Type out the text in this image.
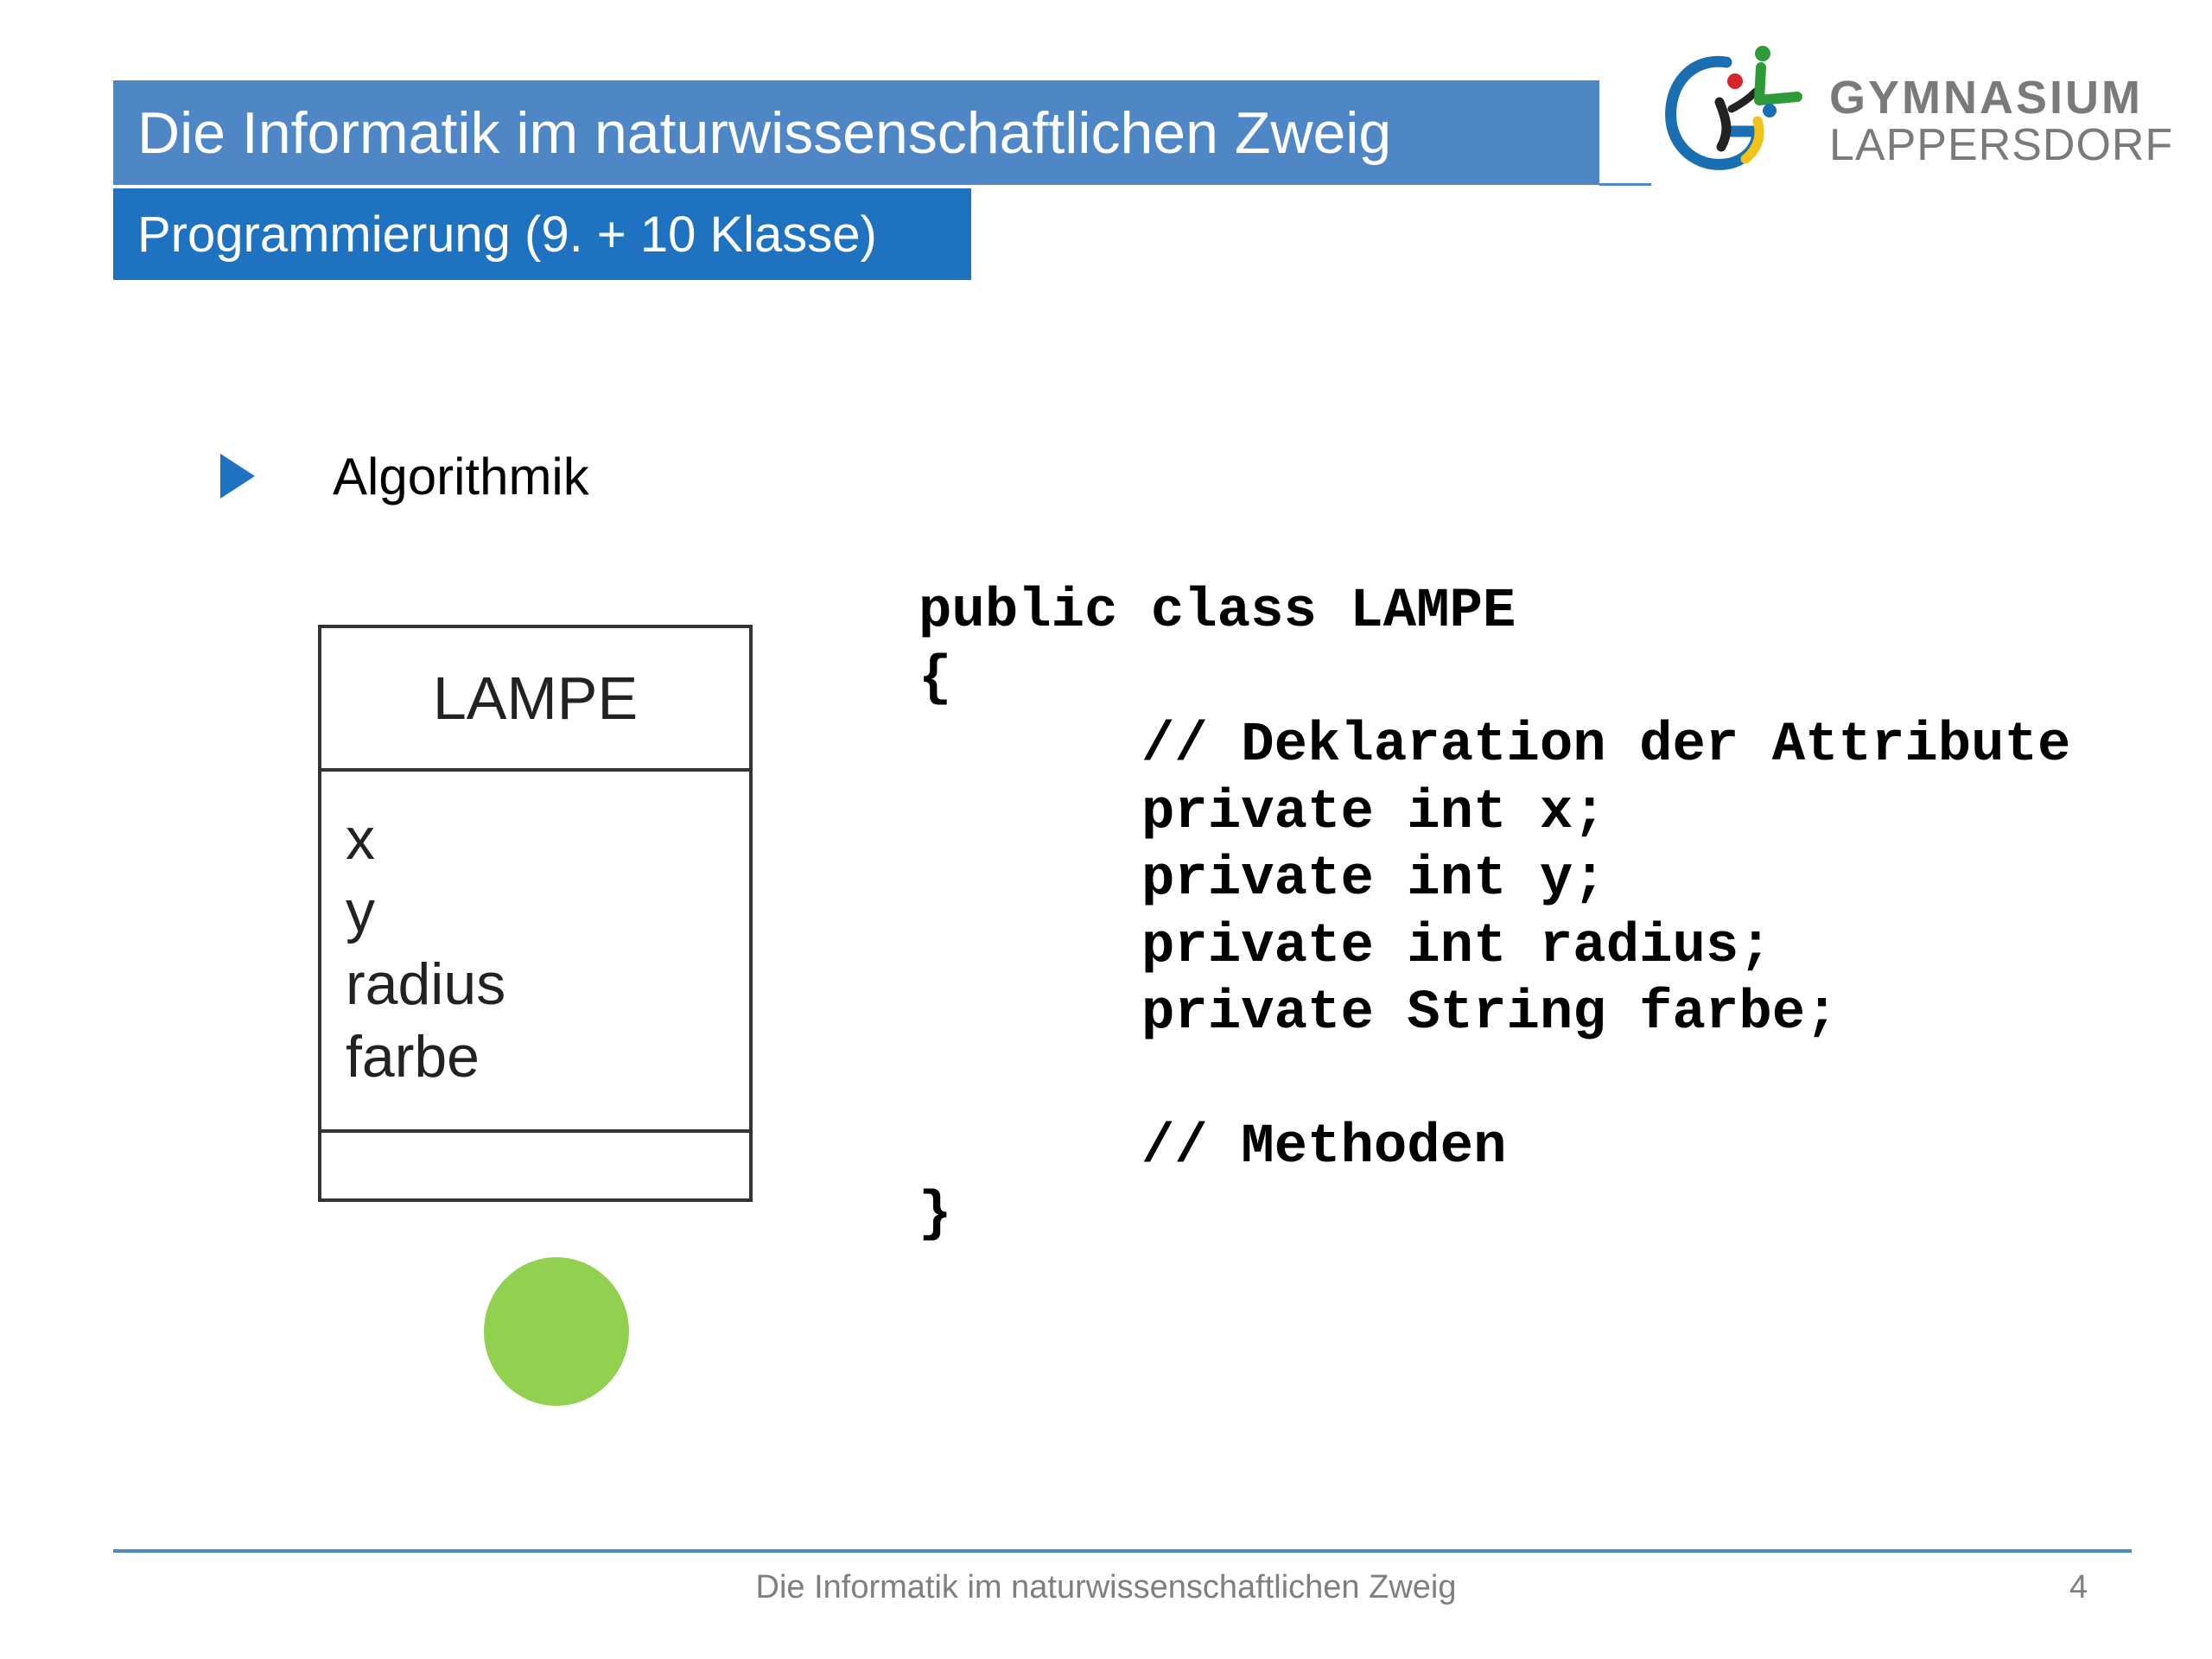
Die Informatik im naturwissenschaftlichen Zweig
Programmierung (9. + 10 Klasse)
GYMNASIUM
LAPPERSDORF
Algorithmik
LAMPE
x
y
radius
farbe
public class LAMPE
{
// Deklaration der Attribute
private int x;
private int y;
private int radius;
private String farbe;
// Methoden
}
Die Informatik im naturwissenschaftlichen Zweig	4
